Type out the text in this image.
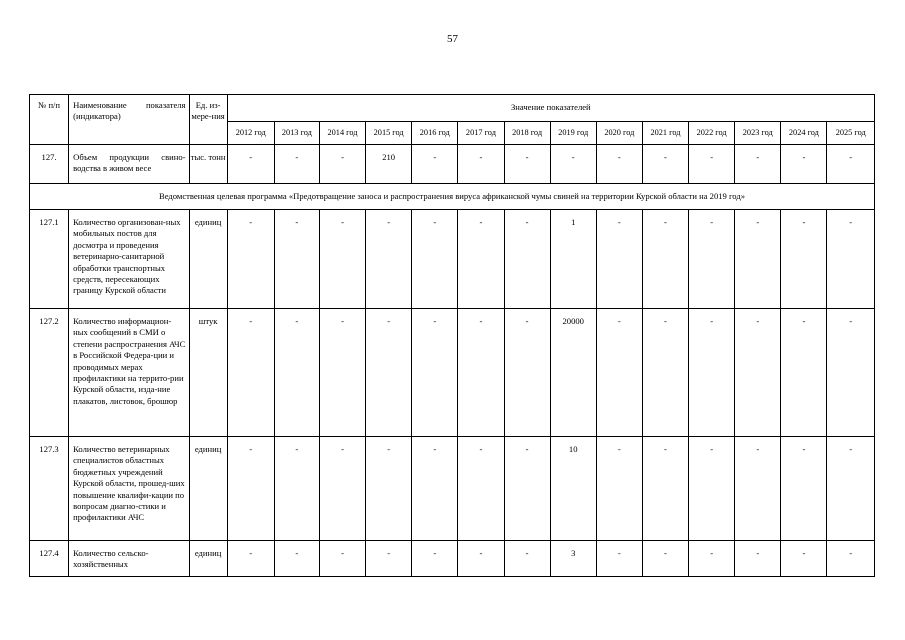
57
№ п/п	Наименование показателя (индикатора)	Ед. из-мере-ния	Значение показателей													
			2012 год	2013 год	2014 год	2015 год	2016 год	2017 год	2018 год	2019 год	2020 год	2021 год	2022 год	2023 год	2024 год	2025 год
127.	Объем продукции свино-водства в живом весе	тыс. тонн	-	-	-	210	-	-	-	-	-	-	-	-	-	-
Ведомственная целевая программа «Предотвращение заноса и распространения вируса африканской чумы свиней на территории Курской области на 2019 год»																
127.1	Количество организован-ных мобильных постов для досмотра и проведения ветеринарно-санитарной обработки транспортных средств, пересекающих границу Курской области	единиц	-	-	-	-	-	-	-	1	-	-	-	-	-	-
127.2	Количество информацион-ных сообщений в СМИ о степени распространения АЧС в Российской Федера-ции и проводимых мерах профилактики на террито-рии Курской области, изда-ние плакатов, листовок, брошюр	штук	-	-	-	-	-	-	-	20000	-	-	-	-	-	-
127.3	Количество ветеринарных специалистов областных бюджетных учреждений Курской области, прошед-ших повышение квалифи-кации по вопросам диагно-стики и профилактики АЧС	единиц	-	-	-	-	-	-	-	10	-	-	-	-	-	-
127.4	Количество сельско-хозяйственных	единиц	-	-	-	-	-	-	-	3	-	-	-	-	-	-
